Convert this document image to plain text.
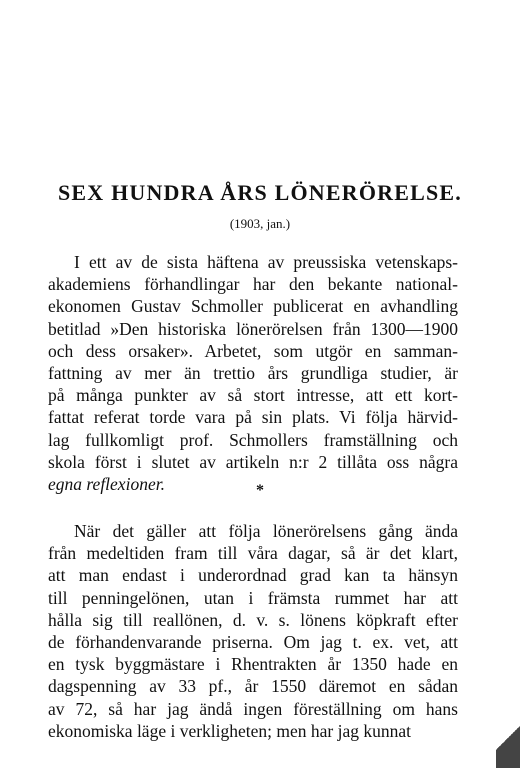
SEX HUNDRA ÅRS LÖNERÖRELSE.
(1903, jan.)
I ett av de sista häftena av preussiska vetenskaps-
akademiens förhandlingar har den bekante national-
ekonomen Gustav Schmoller publicerat en avhandling
betitlad »Den historiska lönerörelsen från 1300—1900
och dess orsaker». Arbetet, som utgör en samman-
fattning av mer än trettio års grundliga studier, är
på många punkter av så stort intresse, att ett kort-
fattat referat torde vara på sin plats. Vi följa härvid-
lag fullkomligt prof. Schmollers framställning och
skola först i slutet av artikeln n:r 2 tillåta oss några
egna reflexioner.	*
När det gäller att följa lönerörelsens gång ända
från medeltiden fram till våra dagar, så är det klart,
att man endast i underordnad grad kan ta hänsyn
till penningelönen, utan i främsta rummet har att
hålla sig till reallönen, d. v. s. lönens köpkraft efter
de förhandenvarande priserna. Om jag t. ex. vet, att
en tysk byggmästare i Rhentrakten år 1350 hade en
dagspenning av 33 pf., år 1550 däremot en sådan
av 72, så har jag ändå ingen föreställning om hans
ekonomiska läge i verkligheten; men har jag kunnat
